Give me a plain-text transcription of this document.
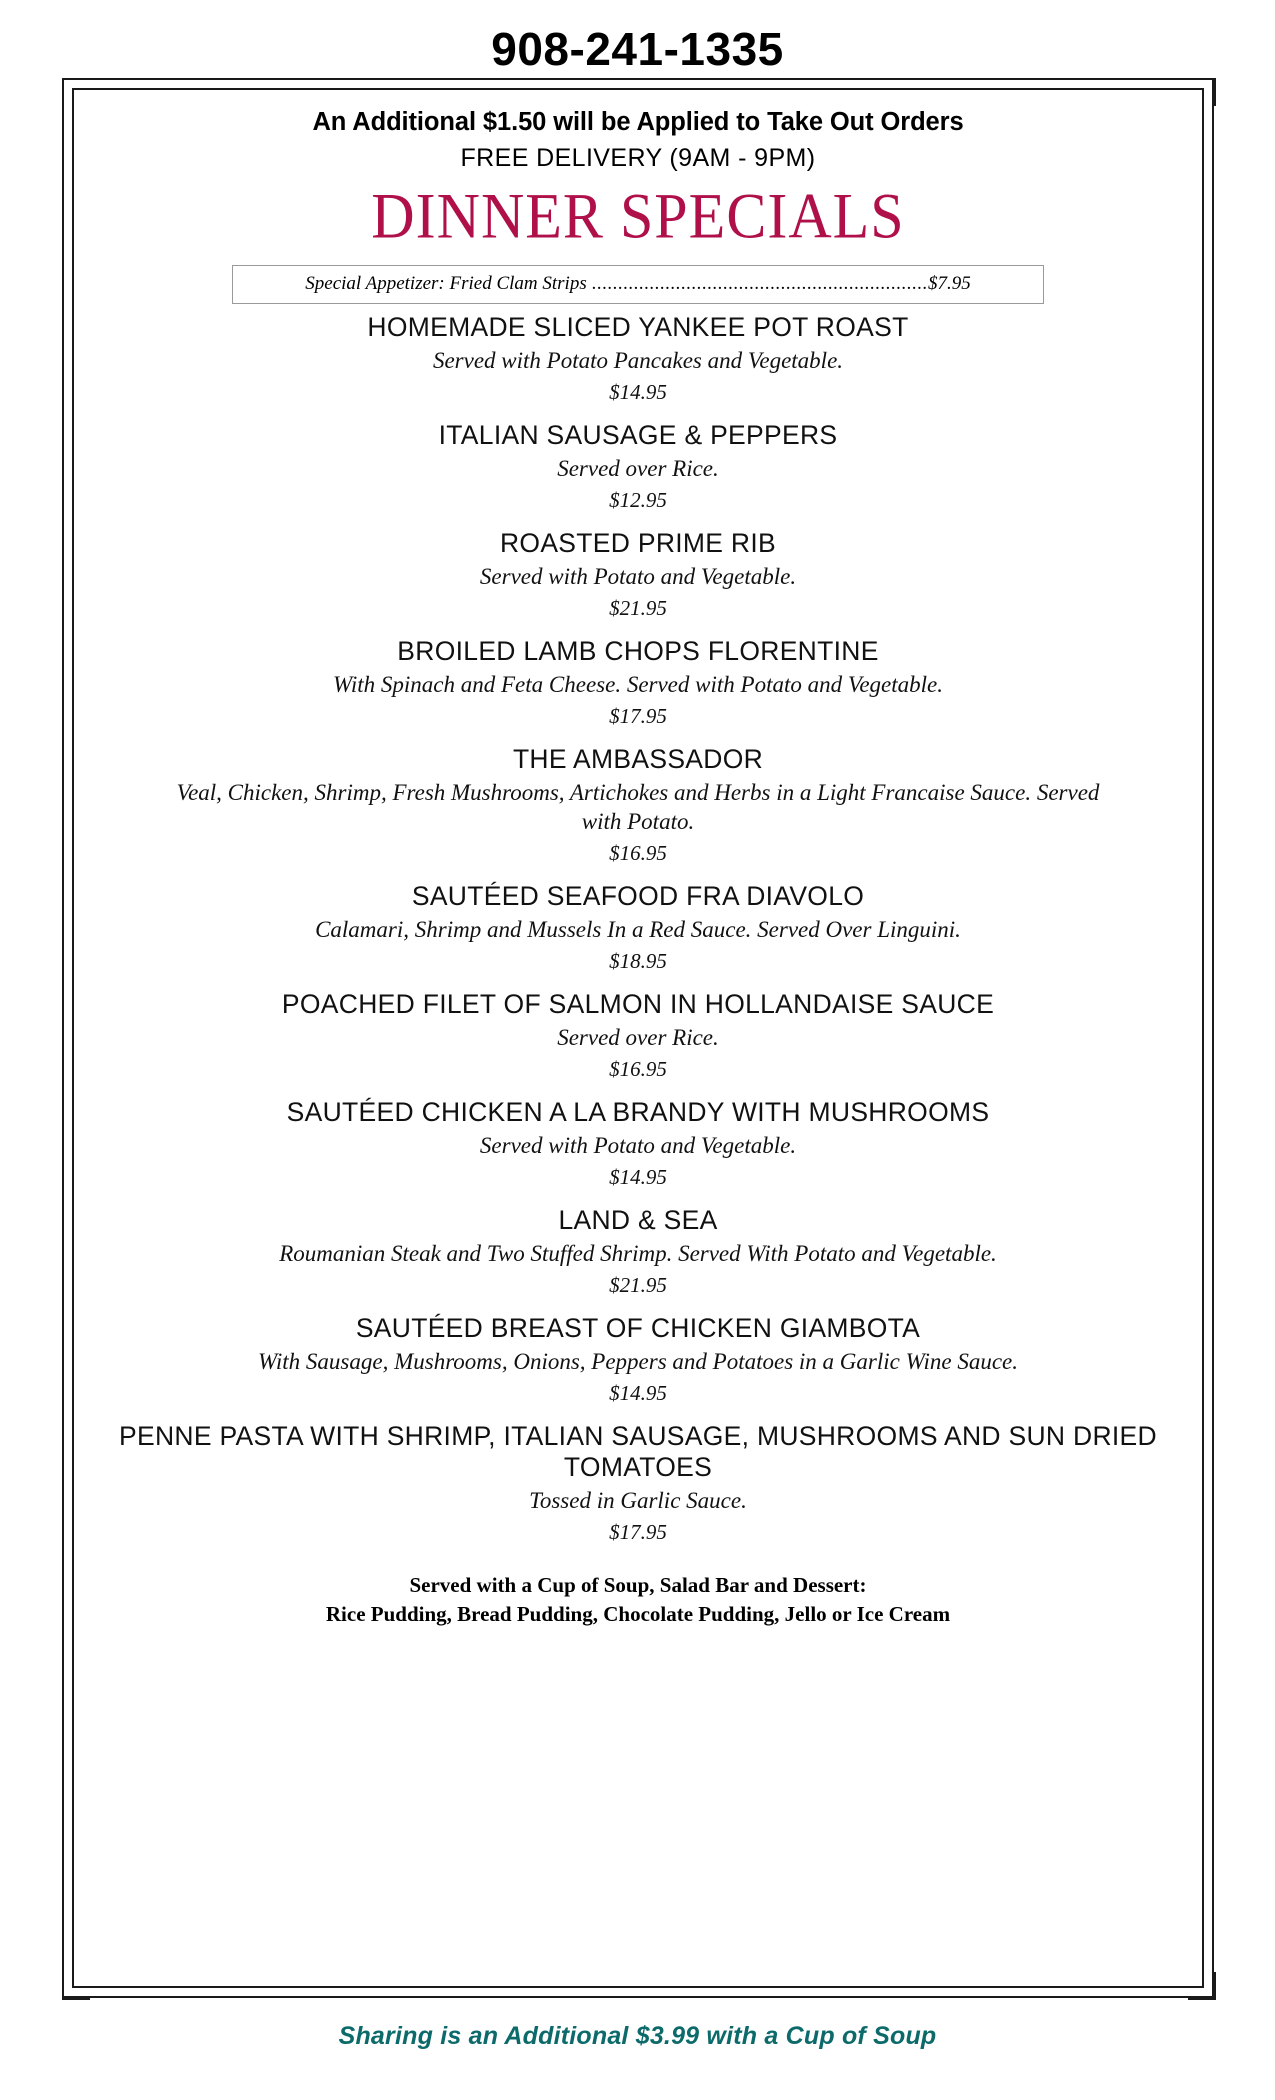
908-241-1335
An Additional $1.50 will be Applied to Take Out Orders
FREE DELIVERY (9AM - 9PM)
DINNER SPECIALS
Special Appetizer: Fried Clam Strips ................................................................$7.95
HOMEMADE SLICED YANKEE POT ROAST
Served with Potato Pancakes and Vegetable.
$14.95
ITALIAN SAUSAGE & PEPPERS
Served over Rice.
$12.95
ROASTED PRIME RIB
Served with Potato and Vegetable.
$21.95
BROILED LAMB CHOPS FLORENTINE
With Spinach and Feta Cheese. Served with Potato and Vegetable.
$17.95
THE AMBASSADOR
Veal, Chicken, Shrimp, Fresh Mushrooms, Artichokes and Herbs in a Light Francaise Sauce. Served with Potato.
$16.95
SAUTÉED SEAFOOD FRA DIAVOLO
Calamari, Shrimp and Mussels In a Red Sauce. Served Over Linguini.
$18.95
POACHED FILET OF SALMON IN HOLLANDAISE SAUCE
Served over Rice.
$16.95
SAUTÉED CHICKEN A LA BRANDY WITH MUSHROOMS
Served with Potato and Vegetable.
$14.95
LAND & SEA
Roumanian Steak and Two Stuffed Shrimp. Served With Potato and Vegetable.
$21.95
SAUTÉED BREAST OF CHICKEN GIAMBOTA
With Sausage, Mushrooms, Onions, Peppers and Potatoes in a Garlic Wine Sauce.
$14.95
PENNE PASTA WITH SHRIMP, ITALIAN SAUSAGE, MUSHROOMS AND SUN DRIED TOMATOES
Tossed in Garlic Sauce.
$17.95
Served with a Cup of Soup, Salad Bar and Dessert:
Rice Pudding, Bread Pudding, Chocolate Pudding, Jello or Ice Cream
Sharing is an Additional $3.99 with a Cup of Soup
